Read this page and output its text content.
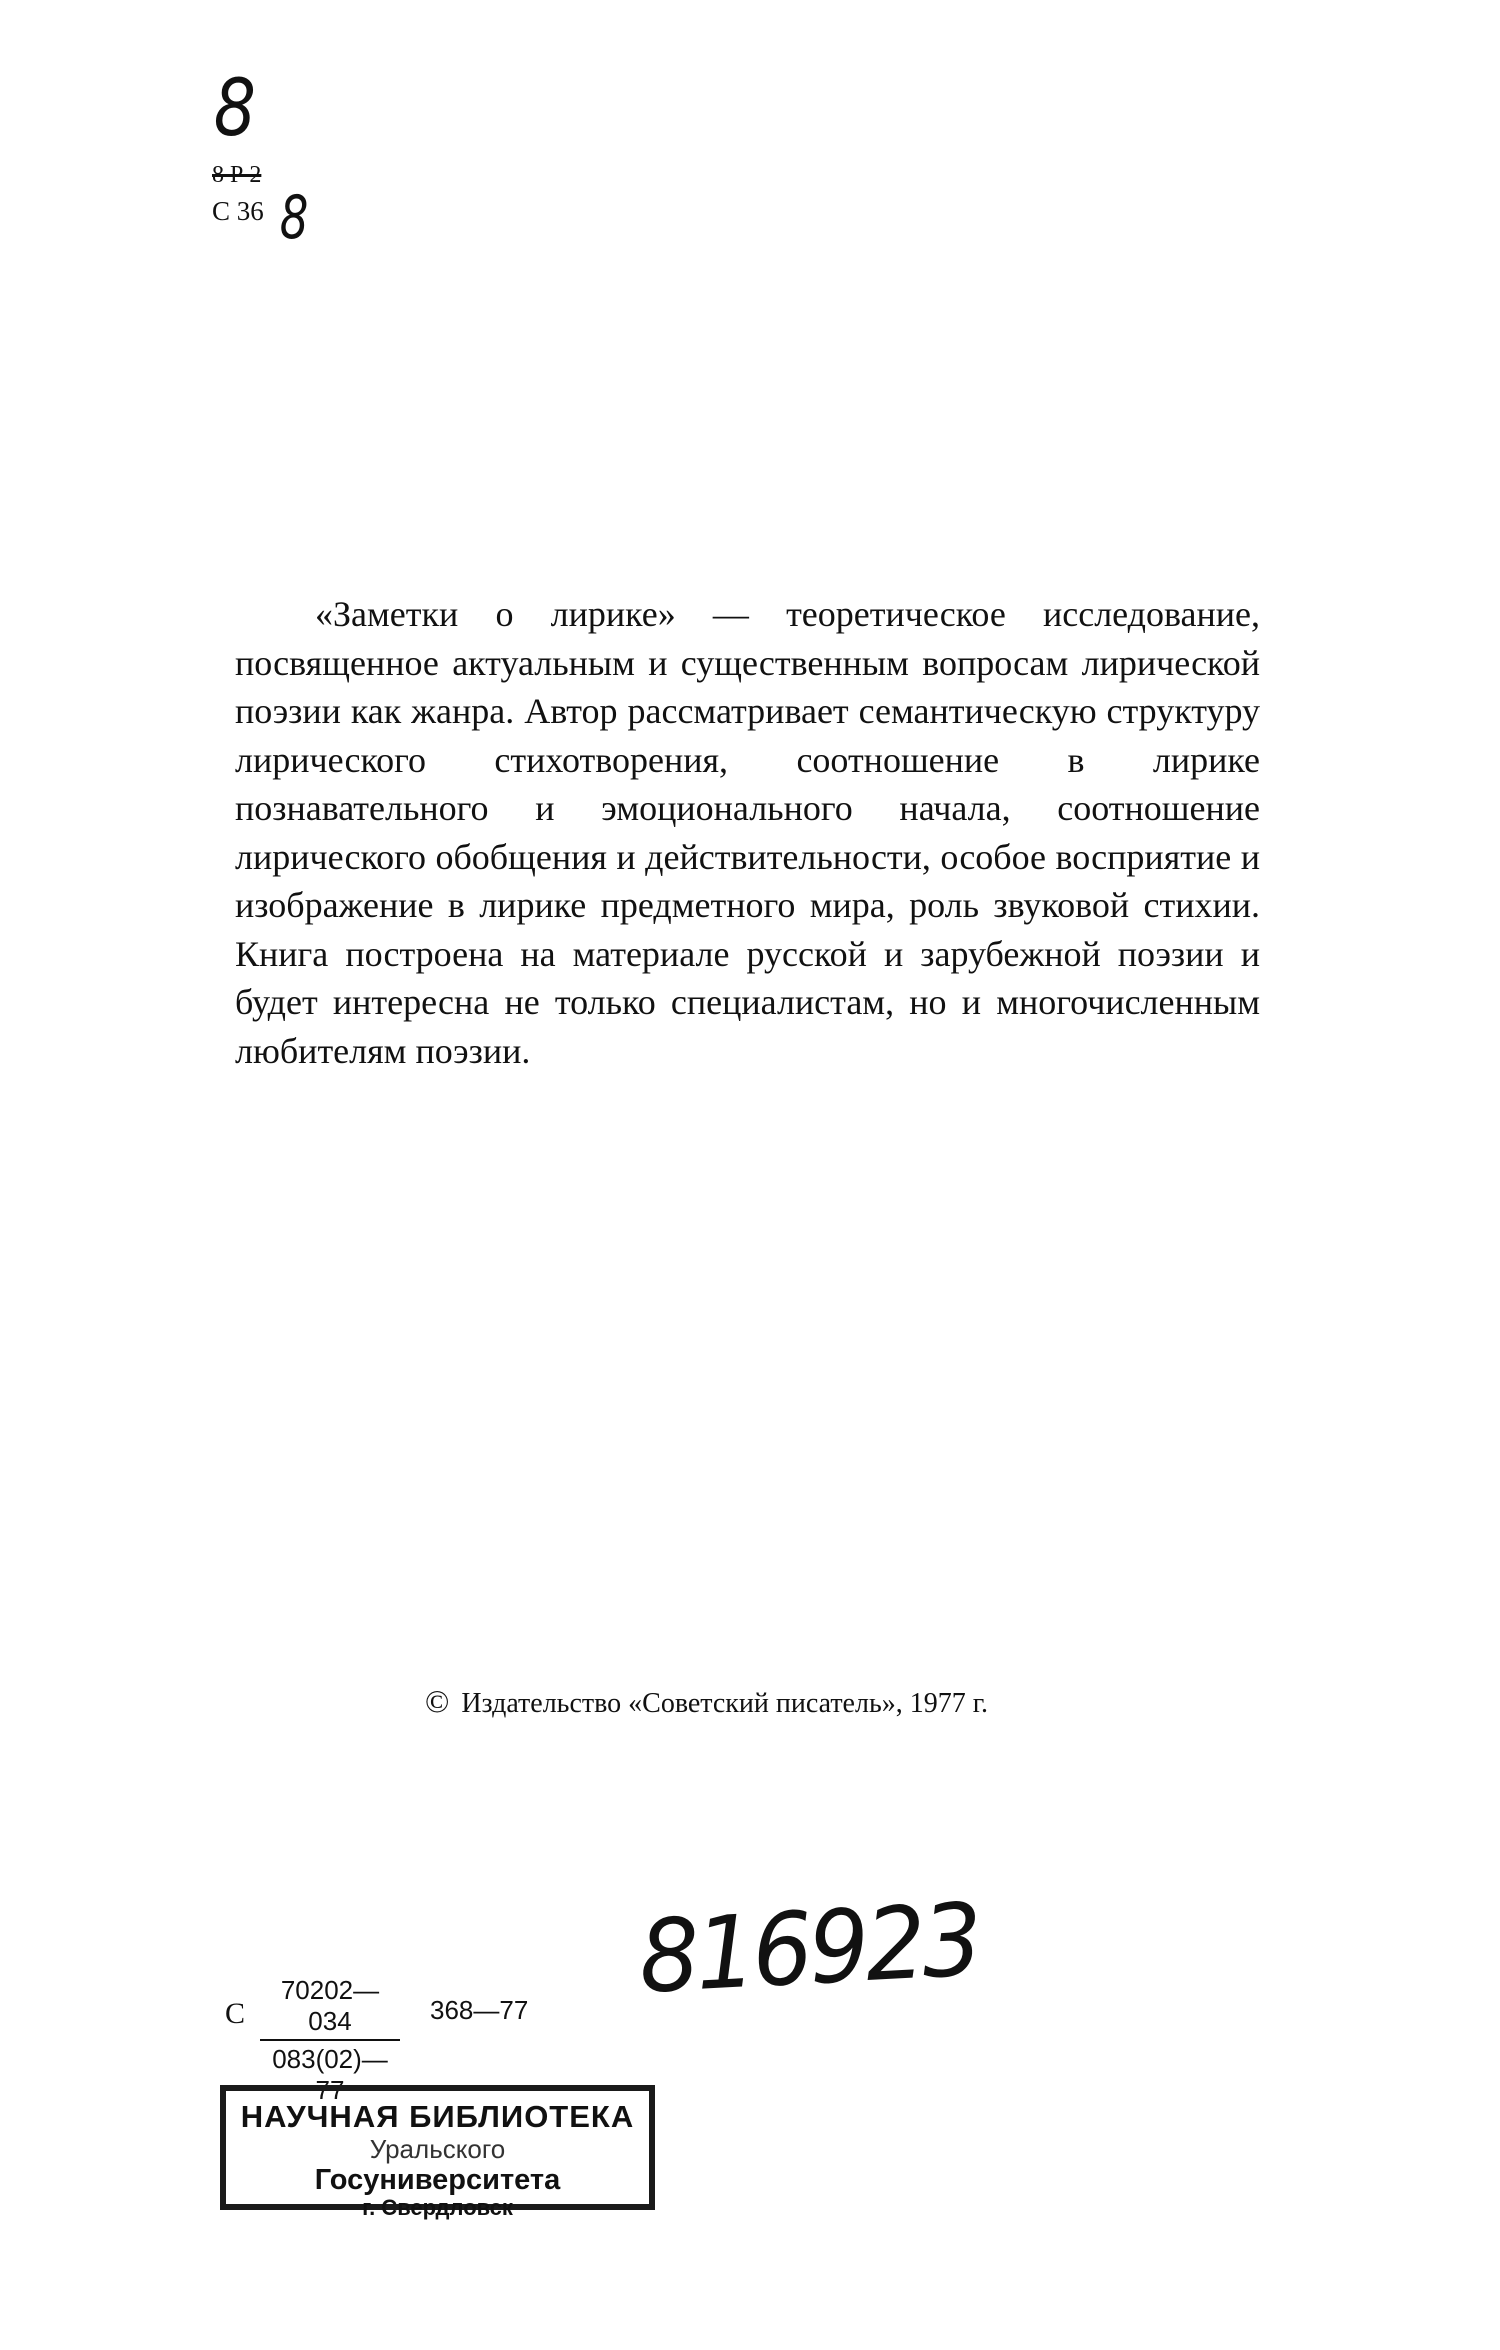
8
8 Р 2
С 36 8

«Заметки о лирике» — теоретическое исследование, посвященное актуальным и существенным вопросам лирической поэзии как жанра. Автор рассматривает семантическую структуру лирического стихотворения, соотношение в лирике познавательного и эмоционального начала, соотношение лирического обобщения и действительности, особое восприятие и изображение в лирике предметного мира, роль звуковой стихии. Книга построена на материале русской и зарубежной поэзии и будет интересна не только специалистам, но и многочисленным любителям поэзии.

© Издательство «Советский писатель», 1977 г.
816923
С $\frac{70202—034}{083(02)—77}$ 368—77
НАУЧНАЯ БИБЛИОТЕКА
Уральского
Госуниверситета
г. Свердловск
